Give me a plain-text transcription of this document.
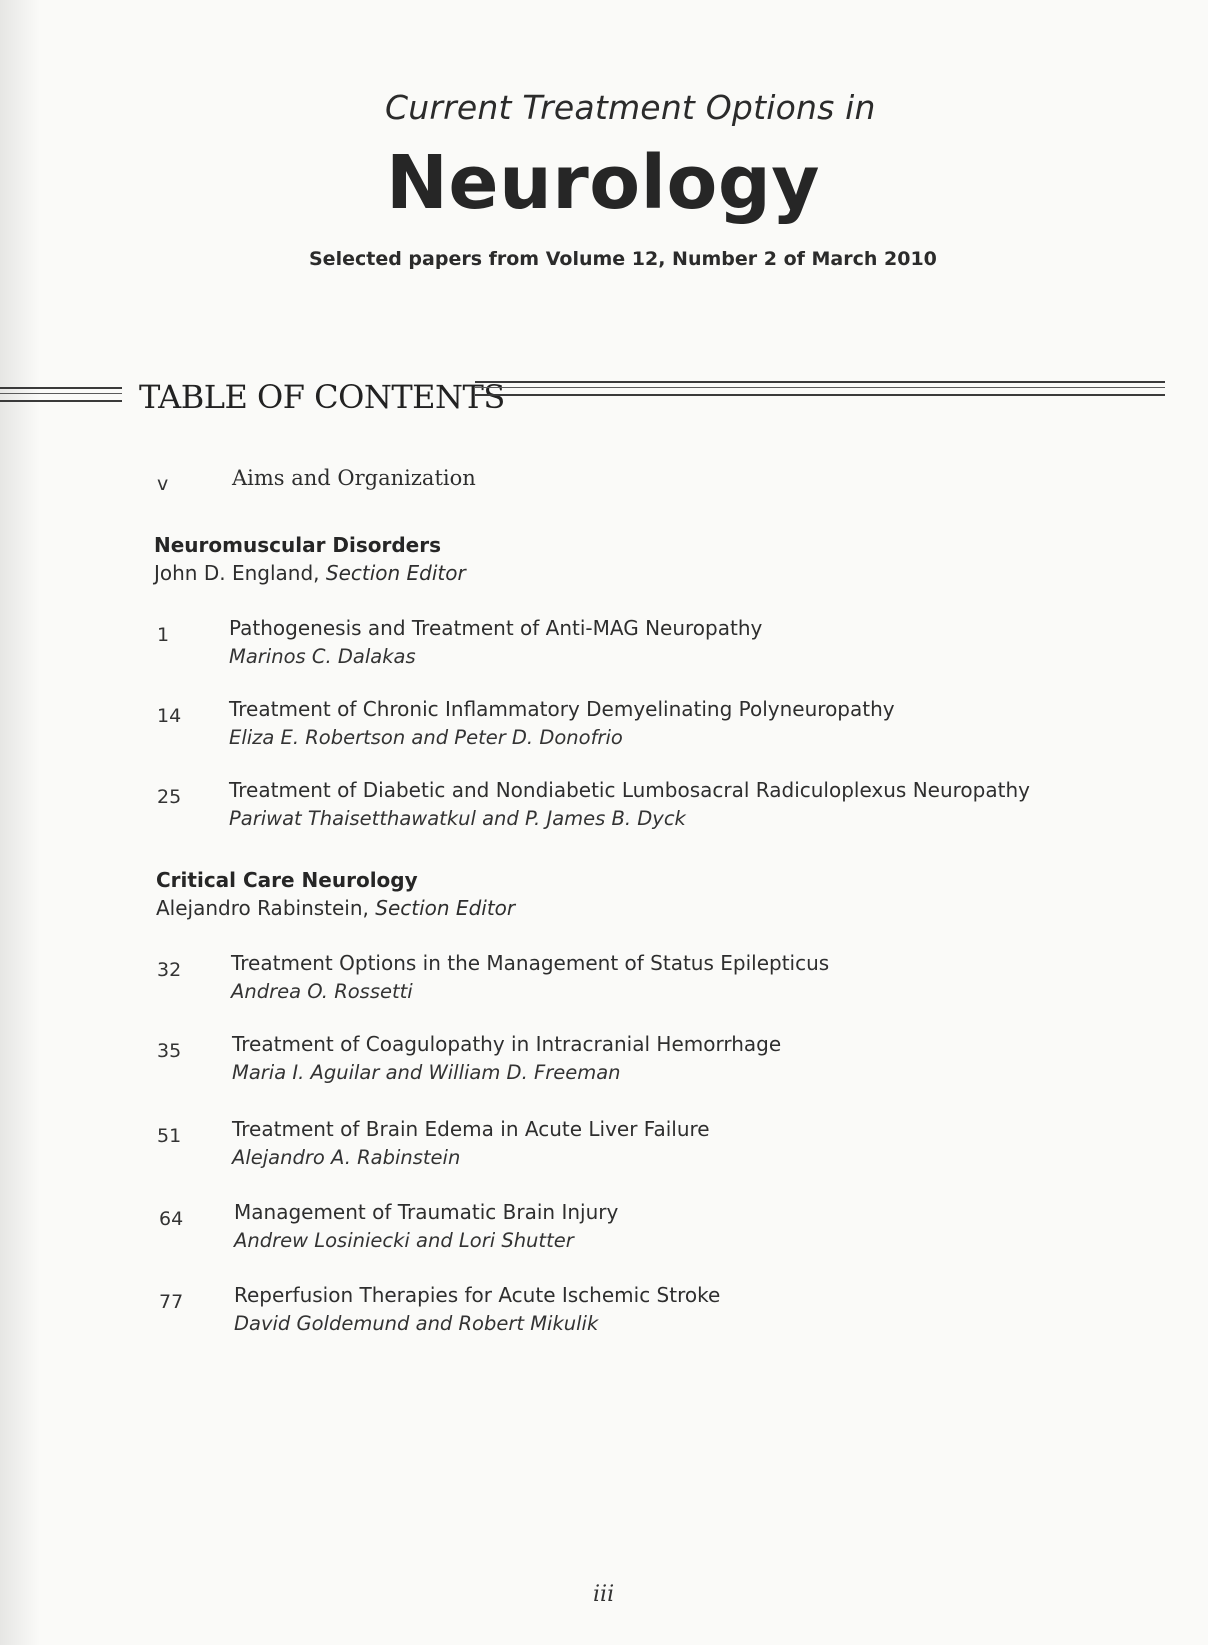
Current Treatment Options in
Neurology
Selected papers from Volume 12, Number 2 of March 2010
TABLE OF CONTENTS
v	Aims and Organization
Neuromuscular Disorders
John D. England, Section Editor
1	Pathogenesis and Treatment of Anti-MAG Neuropathy
Marinos C. Dalakas
14 Treatment of Chronic Inflammatory Demyelinating Polyneuropathy
Eliza E. Robertson and Peter D. Donofrio
25 Treatment of Diabetic and Nondiabetic Lumbosacral Radiculoplexus Neuropathy
Pariwat Thaisetthawatkul and P. James B. Dyck
Critical Care Neurology
Alejandro Rabinstein, Section Editor
32 Treatment Options in the Management of Status Epilepticus
Andrea O. Rossetti
35	Treatment of Coagulopathy in Intracranial Hemorrhage
Maria I. Aguilar and William D. Freeman
51	Treatment of Brain Edema in Acute Liver Failure
Alejandro A. Rabinstein
64	Management of Traumatic Brain Injury
Andrew Losiniecki and Lori Shutter
77	Reperfusion Therapies for Acute Ischemic Stroke
David Goldemund and Robert Mikulik
iii
